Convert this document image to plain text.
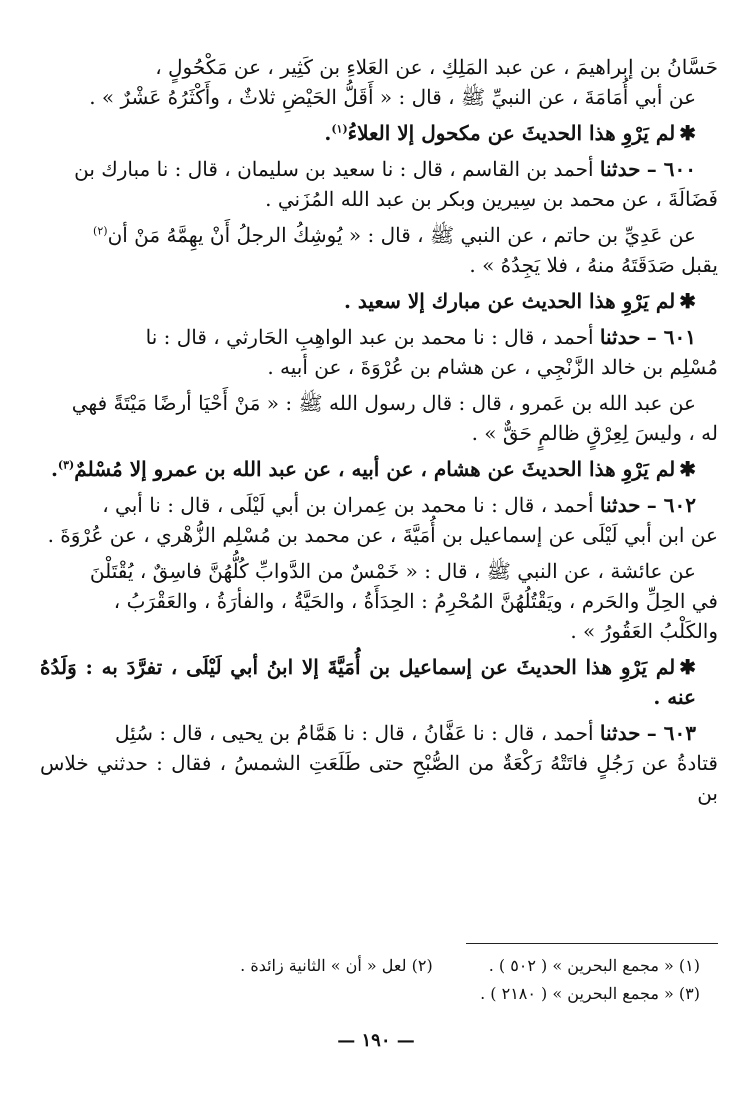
حَسَّانُ بن إبراهيمَ ، عن عبد المَلِكِ ، عن العَلاءِ بن كَثِير ، عن مَكْحُولٍ ،

عن أبي أُمَامَةَ ، عن النبيِّ ﷺ ، قال : « أَقَلُّ الحَيْضِ ثلاثٌ ، وأَكْثَرُهُ عَشْرٌ » .

✱لم يَرْوِ هذا الحديثَ عن مكحول إلا العلاءُ$^{(١)}$.

٦٠٠ – حدثنا أحمد بن القاسم ، قال : نا سعيد بن سليمان ، قال : نا مبارك بن

فَضَالَةَ ، عن محمد بن سِيرين وبكر بن عبد الله المُزَني .

عن عَدِيِّ بن حاتم ، عن النبي ﷺ ، قال : « يُوشِكُ الرجلُ أَنْ يهِمَّهُ مَنْ أن$^{(٢)}$

يقبل صَدَقَتَهُ منهُ ، فلا يَجِدُهُ » .

✱لم يَرْوِ هذا الحديث عن مبارك إلا سعيد .

٦٠١ – حدثنا أحمد ، قال : نا محمد بن عبد الواهِبِ الحَارثي ، قال : نا

مُسْلِم بن خالد الزَّنْجِي ، عن هشام بن عُرْوَةَ ، عن أبيه .

عن عبد الله بن عَمرو ، قال : قال رسول الله ﷺ : « مَنْ أَحْيَا أرضًا مَيْتَةً فهي

له ، وليسَ لِعِرْقٍ ظالمٍ حَقٌّ » .

✱لم يَرْوِ هذا الحديثَ عن هشام ، عن أبيه ، عن عبد الله بن عمرو إلا مُسْلمٌ$^{(٣)}$.

٦٠٢ – حدثنا أحمد ، قال : نا محمد بن عِمران بن أبي لَيْلَى ، قال : نا أبي ،

عن ابن أبي لَيْلَى عن إسماعيل بن أُمَيَّةَ ، عن محمد بن مُسْلِم الزُّهْري ، عن عُرْوَةَ .

عن عائشة ، عن النبي ﷺ ، قال : « خَمْسٌ من الدَّوابِّ كُلُّهُنَّ فاسِقٌ ، يُقْتَلْنَ

في الحِلِّ والحَرم ، ويَقْتُلُهُنَّ المُحْرِمُ : الحِدَأَةُ ، والحَيَّةُ ، والفأرَةُ ، والعَقْرَبُ ،

والكَلْبُ العَقُورُ » .

✱لم يَرْوِ هذا الحديثَ عن إسماعيل بن أُمَيَّةَ إلا ابنُ أبي لَيْلَى ، تفرَّدَ به : وَلَدُهُ عنه .

٦٠٣ – حدثنا أحمد ، قال : نا عَفَّانُ ، قال : نا هَمَّامُ بن يحيى ، قال : سُئِل

قتادةُ عن رَجُلٍ فاتَتْهُ رَكْعَةٌ من الصُّبْحِ حتى طَلَعَتِ الشمسُ ، فقال : حدثني خلاس بن

(١) « مجمع البحرين » ( ٥٠٢ ) .
(٢) لعل « أن » الثانية زائدة .
(٣) « مجمع البحرين » ( ٢١٨٠ ) .
— ١٩٠ —
